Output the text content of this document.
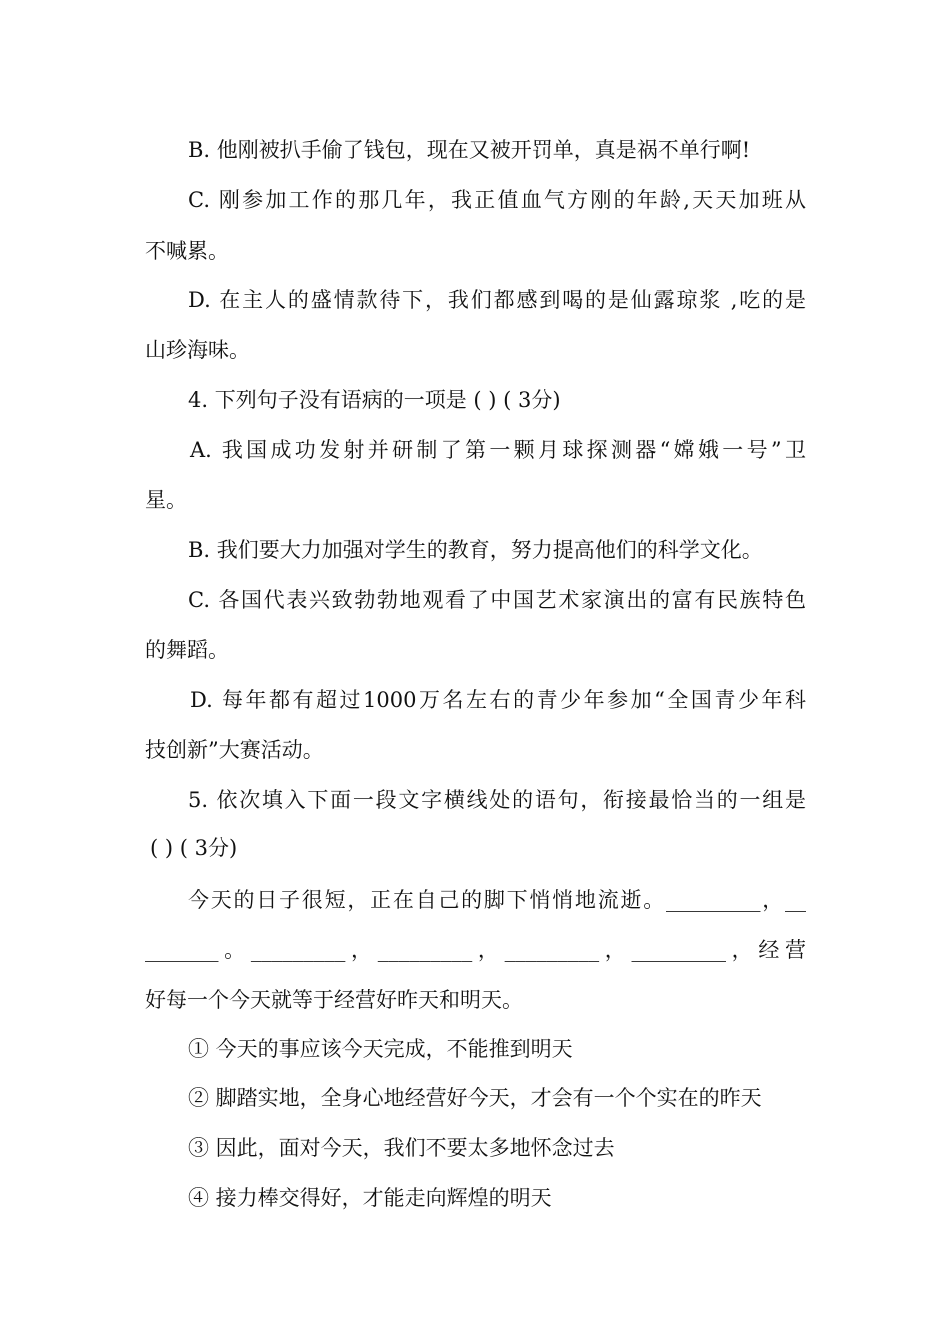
B. 他刚被扒手偷了钱包，现在又被开罚单，真是祸不单行啊!
C. 刚参加工作的那几年，我正值血气方刚的年龄,天天加班从
不喊累。
D. 在主人的盛情款待下，我们都感到喝的是仙露琼浆 ,吃的是
山珍海味。
4. 下列句子没有语病的一项是 ( ) ( 3分)
A. 我国成功发射并研制了第一颗月球探测器“嫦娥一号”卫
星。
B. 我们要大力加强对学生的教育，努力提高他们的科学文化。
C. 各国代表兴致勃勃地观看了中国艺术家演出的富有民族特色
的舞蹈。
D. 每年都有超过1000万名左右的青少年参加“全国青少年科
技创新”大赛活动。
5. 依次填入下面一段文字横线处的语句，衔接最恰当的一组是
( ) ( 3分)
今天的日子很短，正在自己的脚下悄悄地流逝。_________，__
_______。_________，_________，_________，_________，经营
好每一个今天就等于经营好昨天和明天。
① 今天的事应该今天完成，不能推到明天
② 脚踏实地，全身心地经营好今天，才会有一个个实在的昨天
③ 因此，面对今天，我们不要太多地怀念过去
④ 接力棒交得好，才能走向辉煌的明天
